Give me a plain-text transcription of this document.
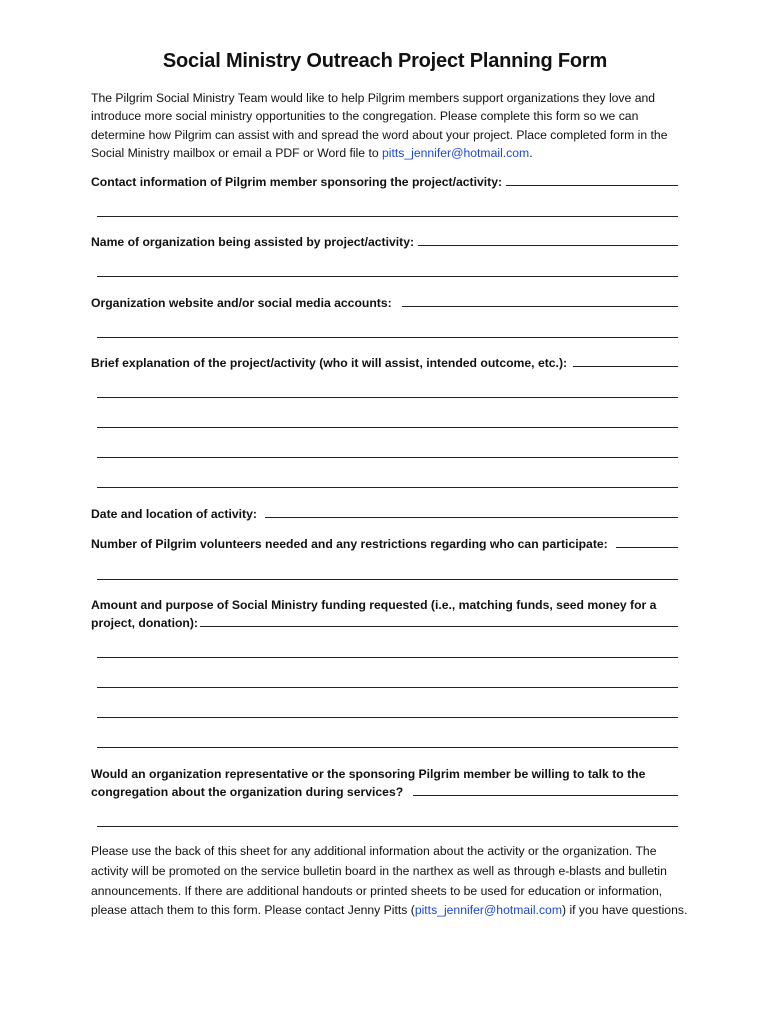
Social Ministry Outreach Project Planning Form
The Pilgrim Social Ministry Team would like to help Pilgrim members support organizations they love and introduce more social ministry opportunities to the congregation. Please complete this form so we can determine how Pilgrim can assist with and spread the word about your project. Place completed form in the Social Ministry mailbox or email a PDF or Word file to pitts_jennifer@hotmail.com.
Contact information of Pilgrim member sponsoring the project/activity:
Name of organization being assisted by project/activity:
Organization website and/or social media accounts:
Brief explanation of the project/activity (who it will assist, intended outcome, etc.):
Date and location of activity:
Number of Pilgrim volunteers needed and any restrictions regarding who can participate:
Amount and purpose of Social Ministry funding requested (i.e., matching funds, seed money for a
project, donation):
Would an organization representative or the sponsoring Pilgrim member be willing to talk to the
congregation about the organization during services?
Please use the back of this sheet for any additional information about the activity or the organization. The activity will be promoted on the service bulletin board in the narthex as well as through e-blasts and bulletin announcements. If there are additional handouts or printed sheets to be used for education or information, please attach them to this form. Please contact Jenny Pitts (pitts_jennifer@hotmail.com) if you have questions.
